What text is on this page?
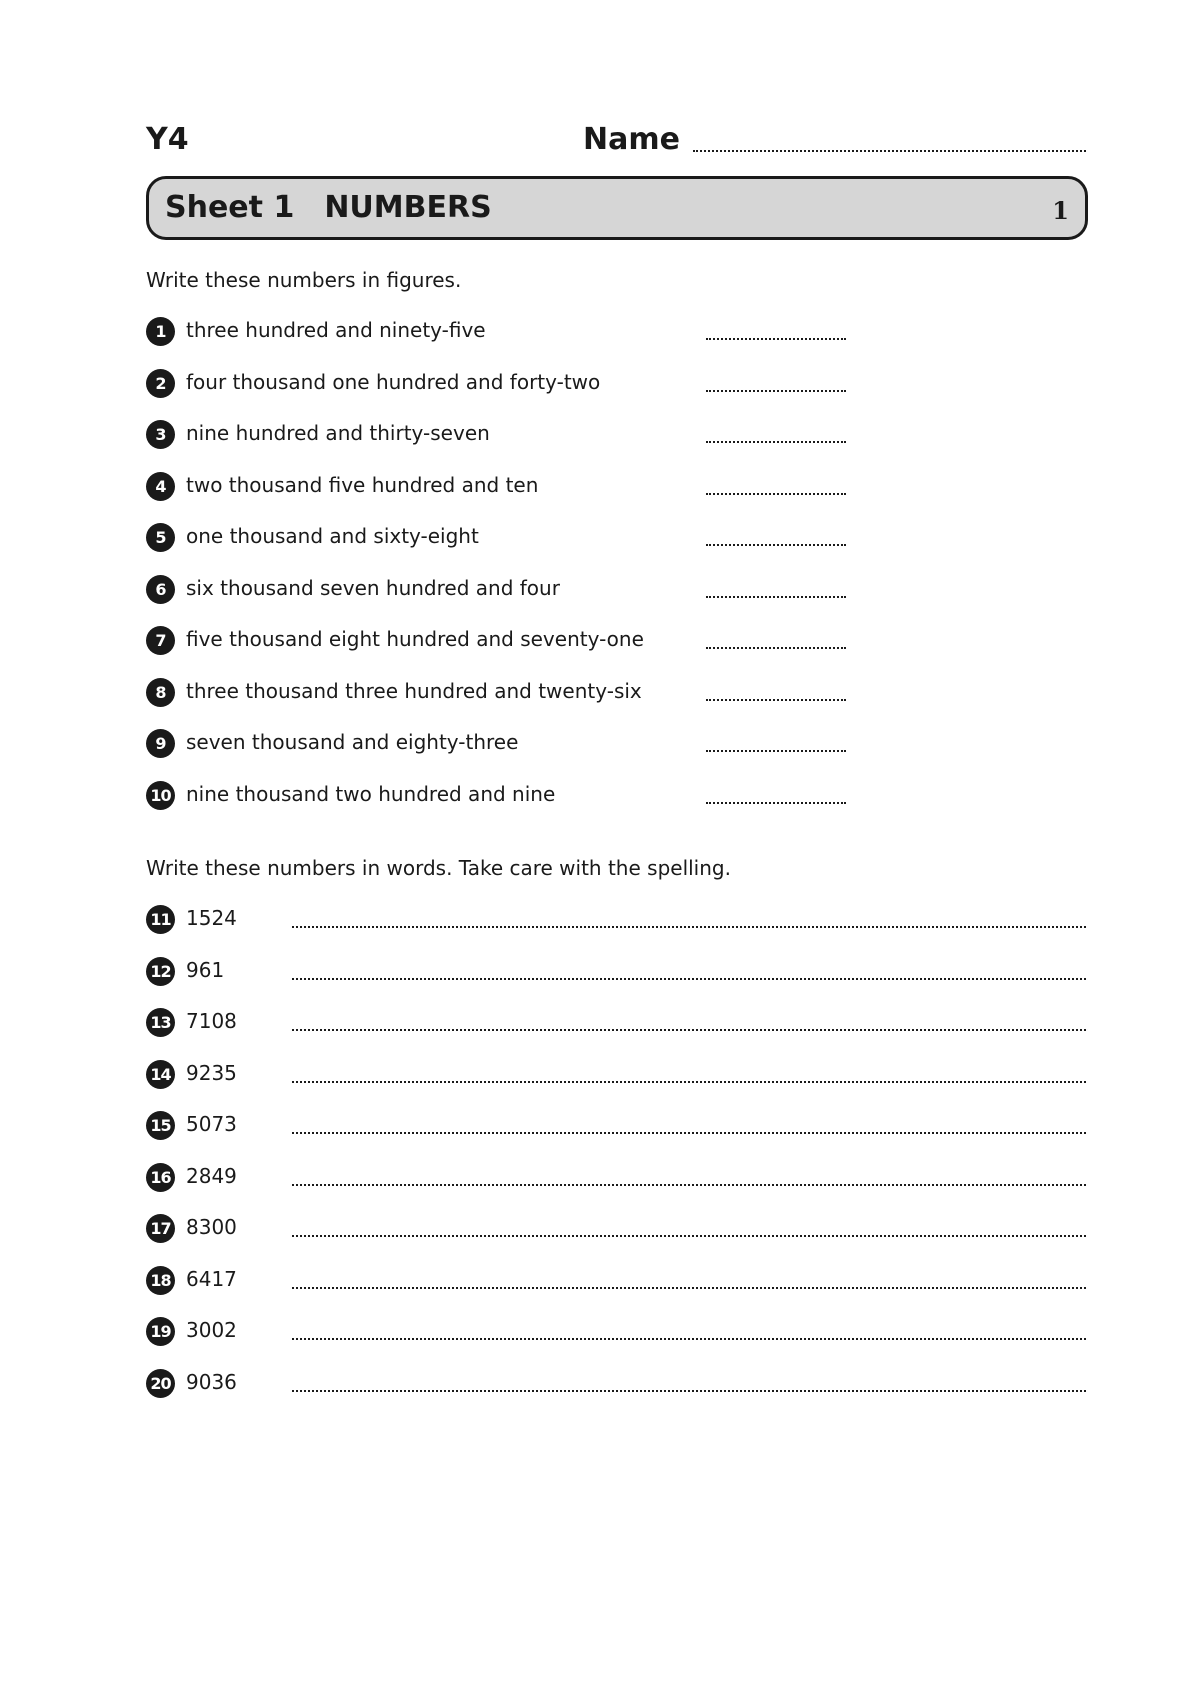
Y4	Name
Sheet 1 NUMBERS	1
Write these numbers in figures.
1	three hundred and ninety-five
2	four thousand one hundred and forty-two
3	nine hundred and thirty-seven
4	two thousand five hundred and ten
5	one thousand and sixty-eight
6	six thousand seven hundred and four
7	five thousand eight hundred and seventy-one
8	three thousand three hundred and twenty-six
9	seven thousand and eighty-three
10 nine thousand two hundred and nine
Write these numbers in words. Take care with the spelling.
11 1524
12 961
13 7108
14 9235
15 5073
16 2849
17 8300
18 6417
19 3002
20 9036
